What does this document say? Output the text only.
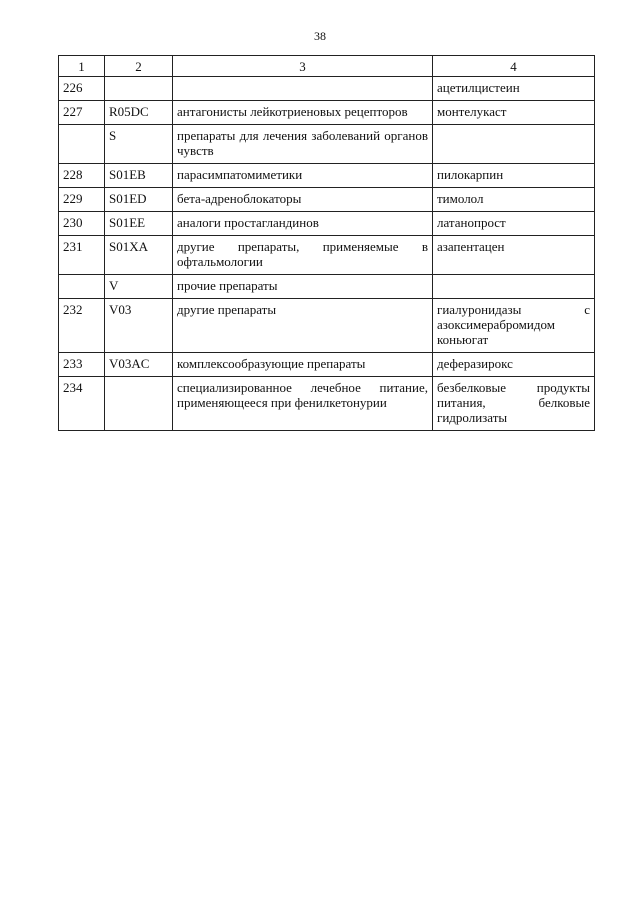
38
1	2	3	4
226			ацетилцистеин
227	R05DC	антагонисты лейкотриеновых рецепторов	монтелукаст
	S	препараты для лечения заболеваний органов чувств	
228	S01EB	парасимпатомиметики	пилокарпин
229	S01ED	бета-адреноблокаторы	тимолол
230	S01EE	аналоги простагландинов	латанопрост
231	S01XA	другие препараты, применяемые в офтальмологии	азапентацен
	V	прочие препараты	
232	V03	другие препараты	гиалуронидазы с азоксимерабромидом коньюгат
233	V03AC	комплексообразующие препараты	деферазирокс
234		специализированное лечебное питание, применяющееся при фенилкетонурии	безбелковые продукты питания, белковые гидролизаты
